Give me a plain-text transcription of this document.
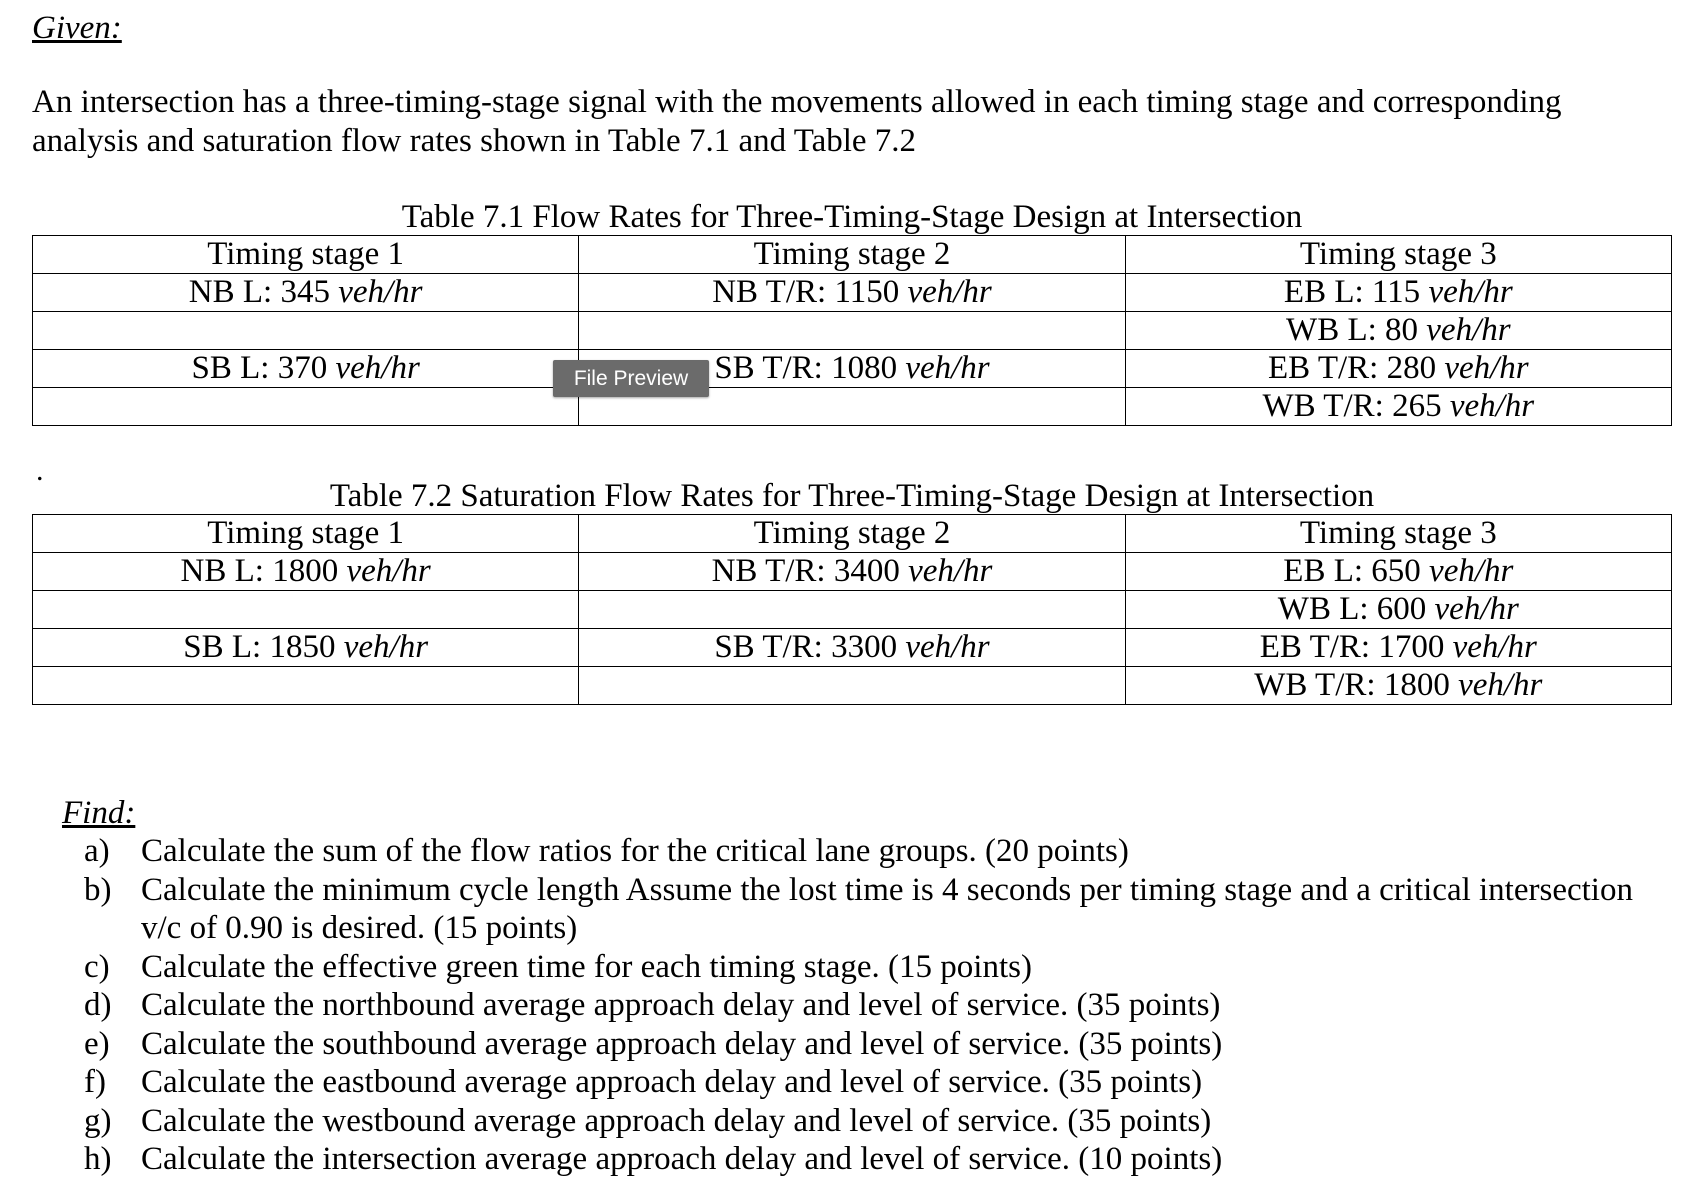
Given:
An intersection has a three-timing-stage signal with the movements allowed in each timing stage and corresponding analysis and saturation flow rates shown in Table 7.1 and Table 7.2
Table 7.1 Flow Rates for Three-Timing-Stage Design at Intersection
Timing stage 1	Timing stage 2	Timing stage 3
NB L: 345 veh/hr	NB T/R: 1150 veh/hr	EB L: 115 veh/hr
		WB L: 80 veh/hr
SB L: 370 veh/hr	SB T/R: 1080 veh/hr	EB T/R: 280 veh/hr
		WB T/R: 265 veh/hr
File Preview
.
Table 7.2 Saturation Flow Rates for Three-Timing-Stage Design at Intersection
Timing stage 1	Timing stage 2	Timing stage 3
NB L: 1800 veh/hr	NB T/R: 3400 veh/hr	EB L: 650 veh/hr
		WB L: 600 veh/hr
SB L: 1850 veh/hr	SB T/R: 3300 veh/hr	EB T/R: 1700 veh/hr
		WB T/R: 1800 veh/hr
Find:
a) Calculate the sum of the flow ratios for the critical lane groups. (20 points)
b) Calculate the minimum cycle length Assume the lost time is 4 seconds per timing stage and a critical intersection v/c of 0.90 is desired. (15 points)
c) Calculate the effective green time for each timing stage. (15 points)
d) Calculate the northbound average approach delay and level of service. (35 points)
e) Calculate the southbound average approach delay and level of service. (35 points)
f)	Calculate the eastbound average approach delay and level of service. (35 points)
g) Calculate the westbound average approach delay and level of service. (35 points)
h) Calculate the intersection average approach delay and level of service. (10 points)
